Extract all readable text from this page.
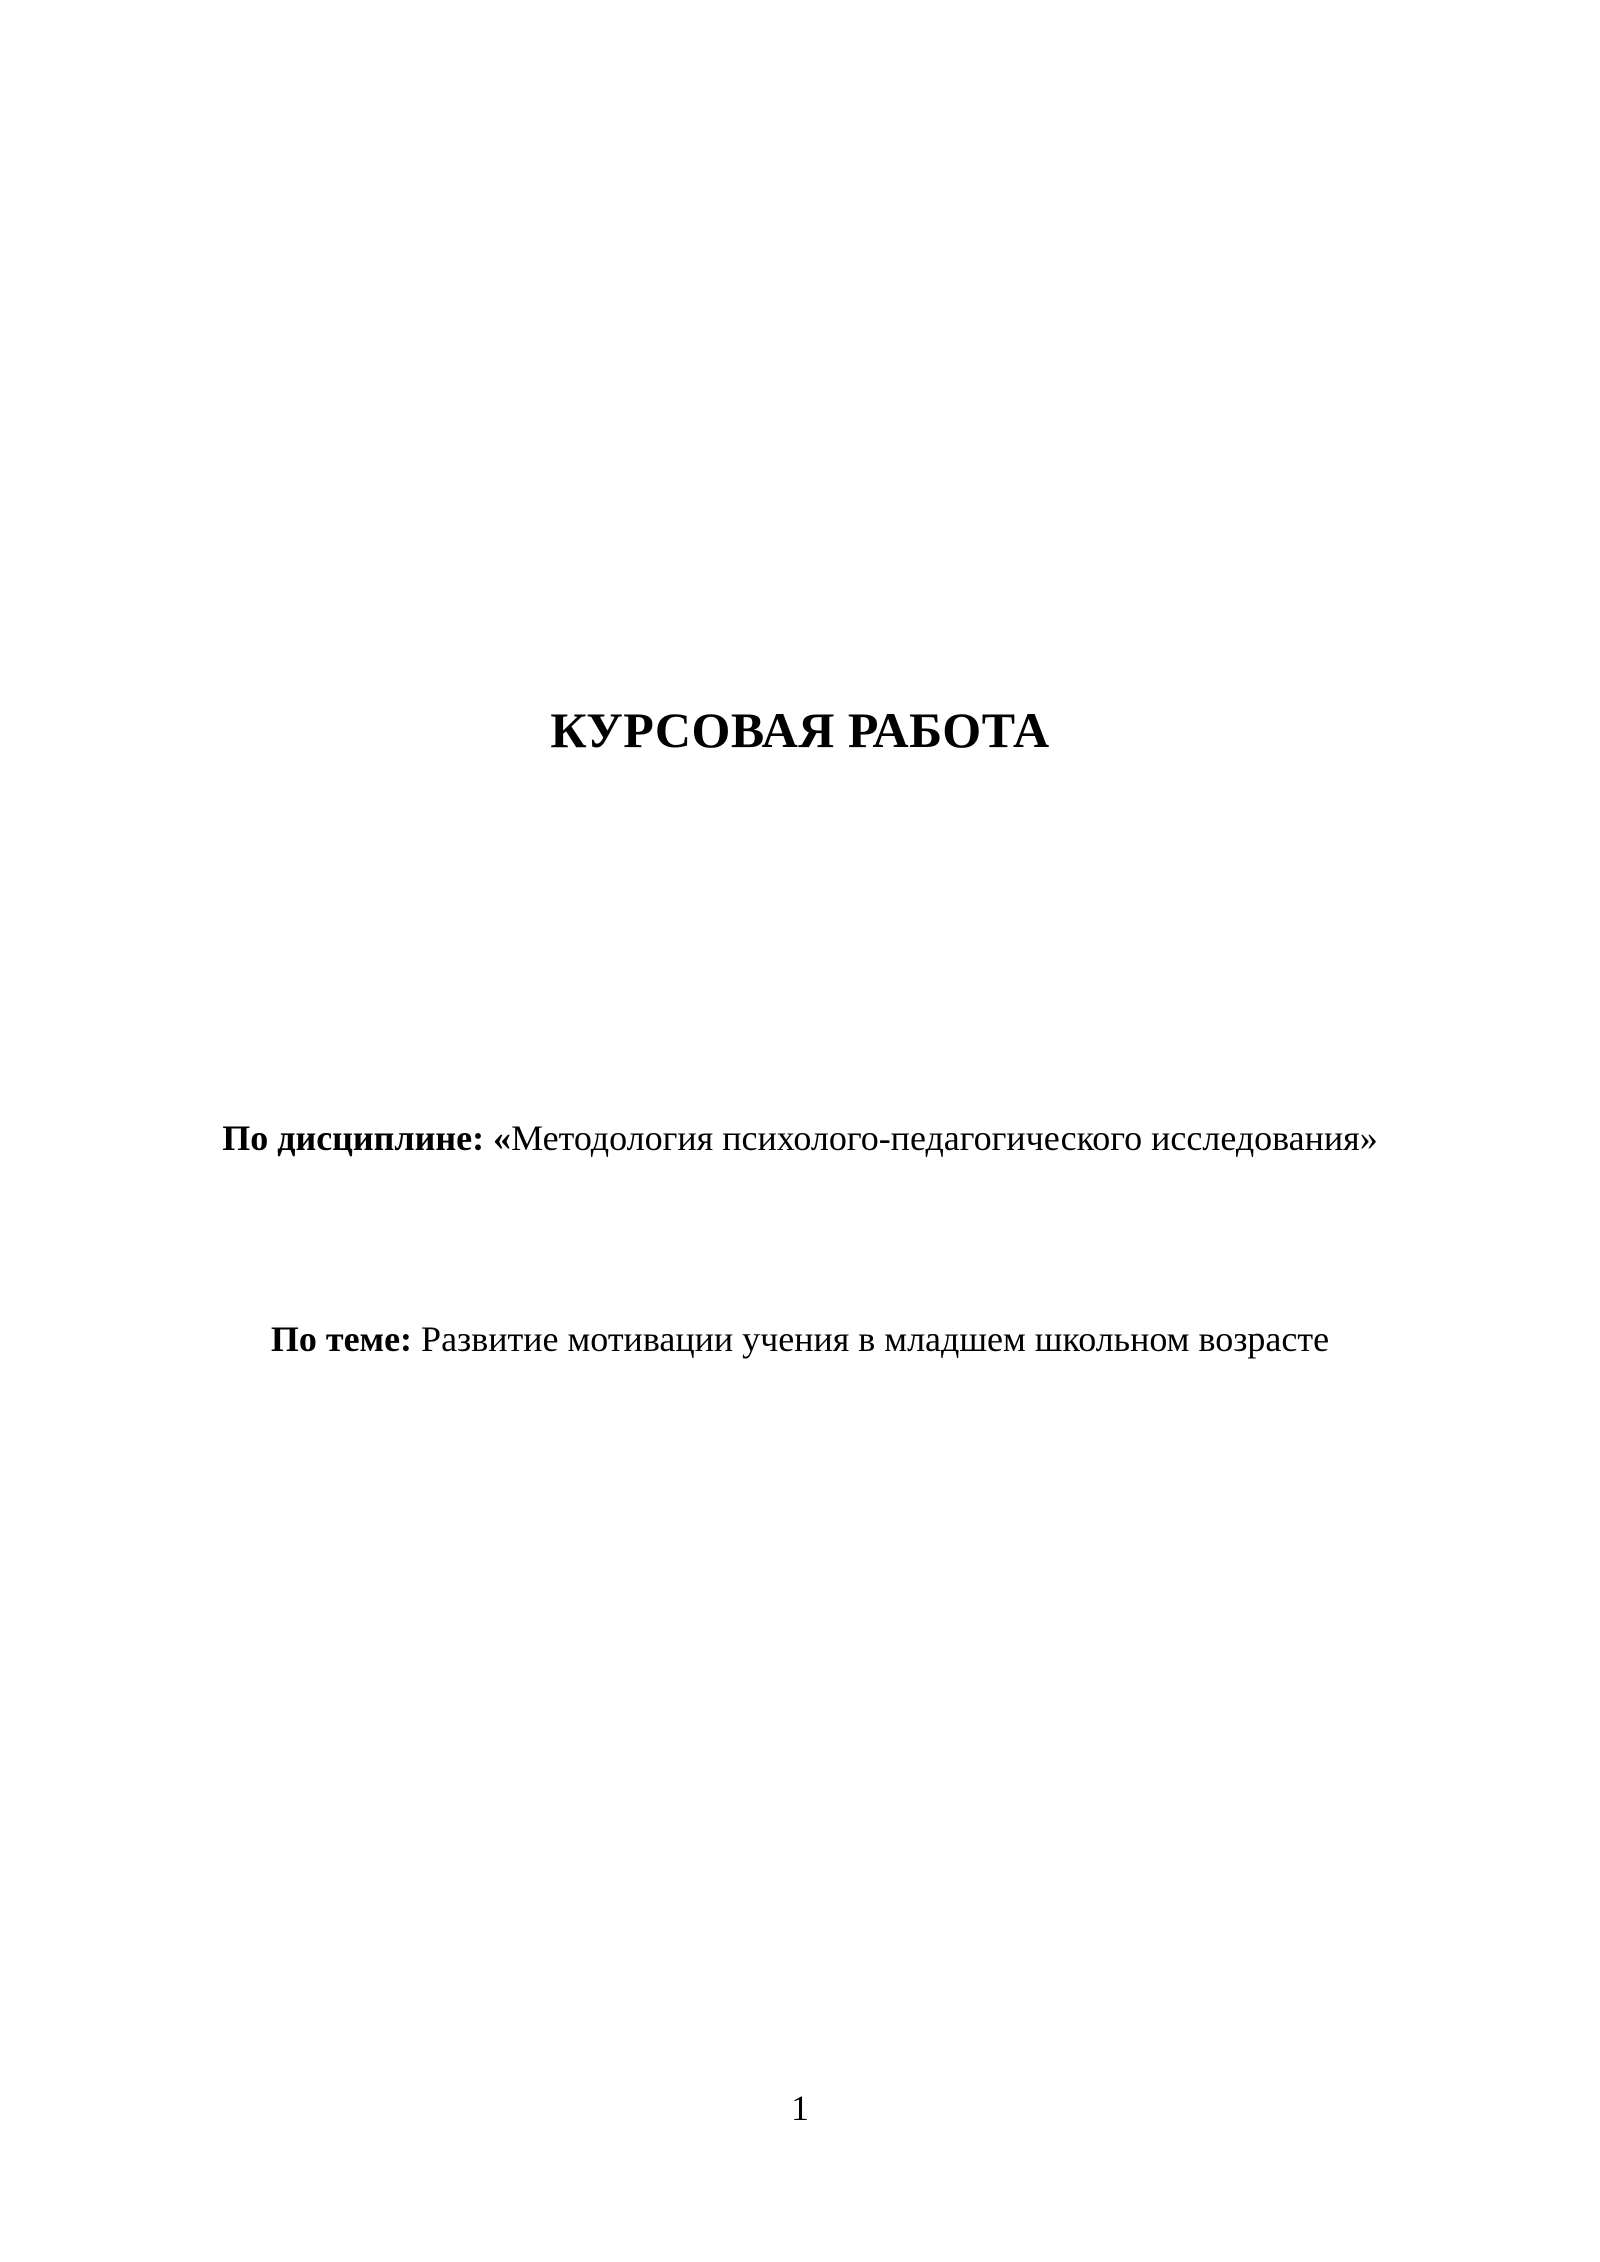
КУРСОВАЯ РАБОТА
По дисциплине: «Методология психолого-педагогического исследования»
По теме: Развитие мотивации учения в младшем школьном возрасте
1
